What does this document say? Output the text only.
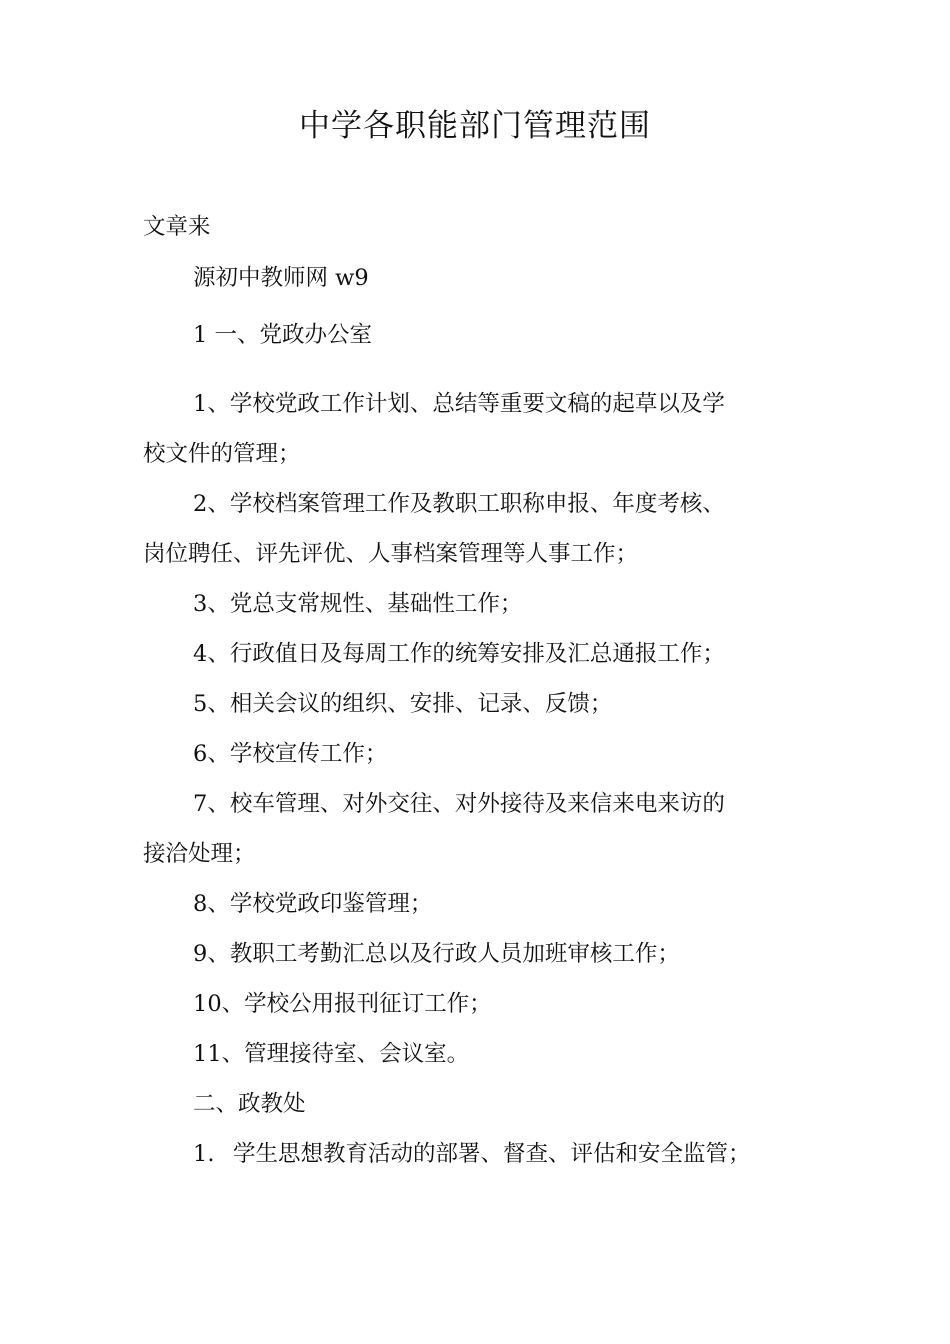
中学各职能部门管理范围
文章来
源初中教师网 w9
1 一、党政办公室
1、学校党政工作计划、总结等重要文稿的起草以及学
校文件的管理；
2、学校档案管理工作及教职工职称申报、年度考核、
岗位聘任、评先评优、人事档案管理等人事工作；
3、党总支常规性、基础性工作；
4、行政值日及每周工作的统筹安排及汇总通报工作；
5、相关会议的组织、安排、记录、反馈；
6、学校宣传工作；
7、校车管理、对外交往、对外接待及来信来电来访的
接洽处理；
8、学校党政印鉴管理；
9、教职工考勤汇总以及行政人员加班审核工作；
10、学校公用报刊征订工作；
11、管理接待室、会议室。
二、政教处
1. 学生思想教育活动的部署、督查、评估和安全监管；
